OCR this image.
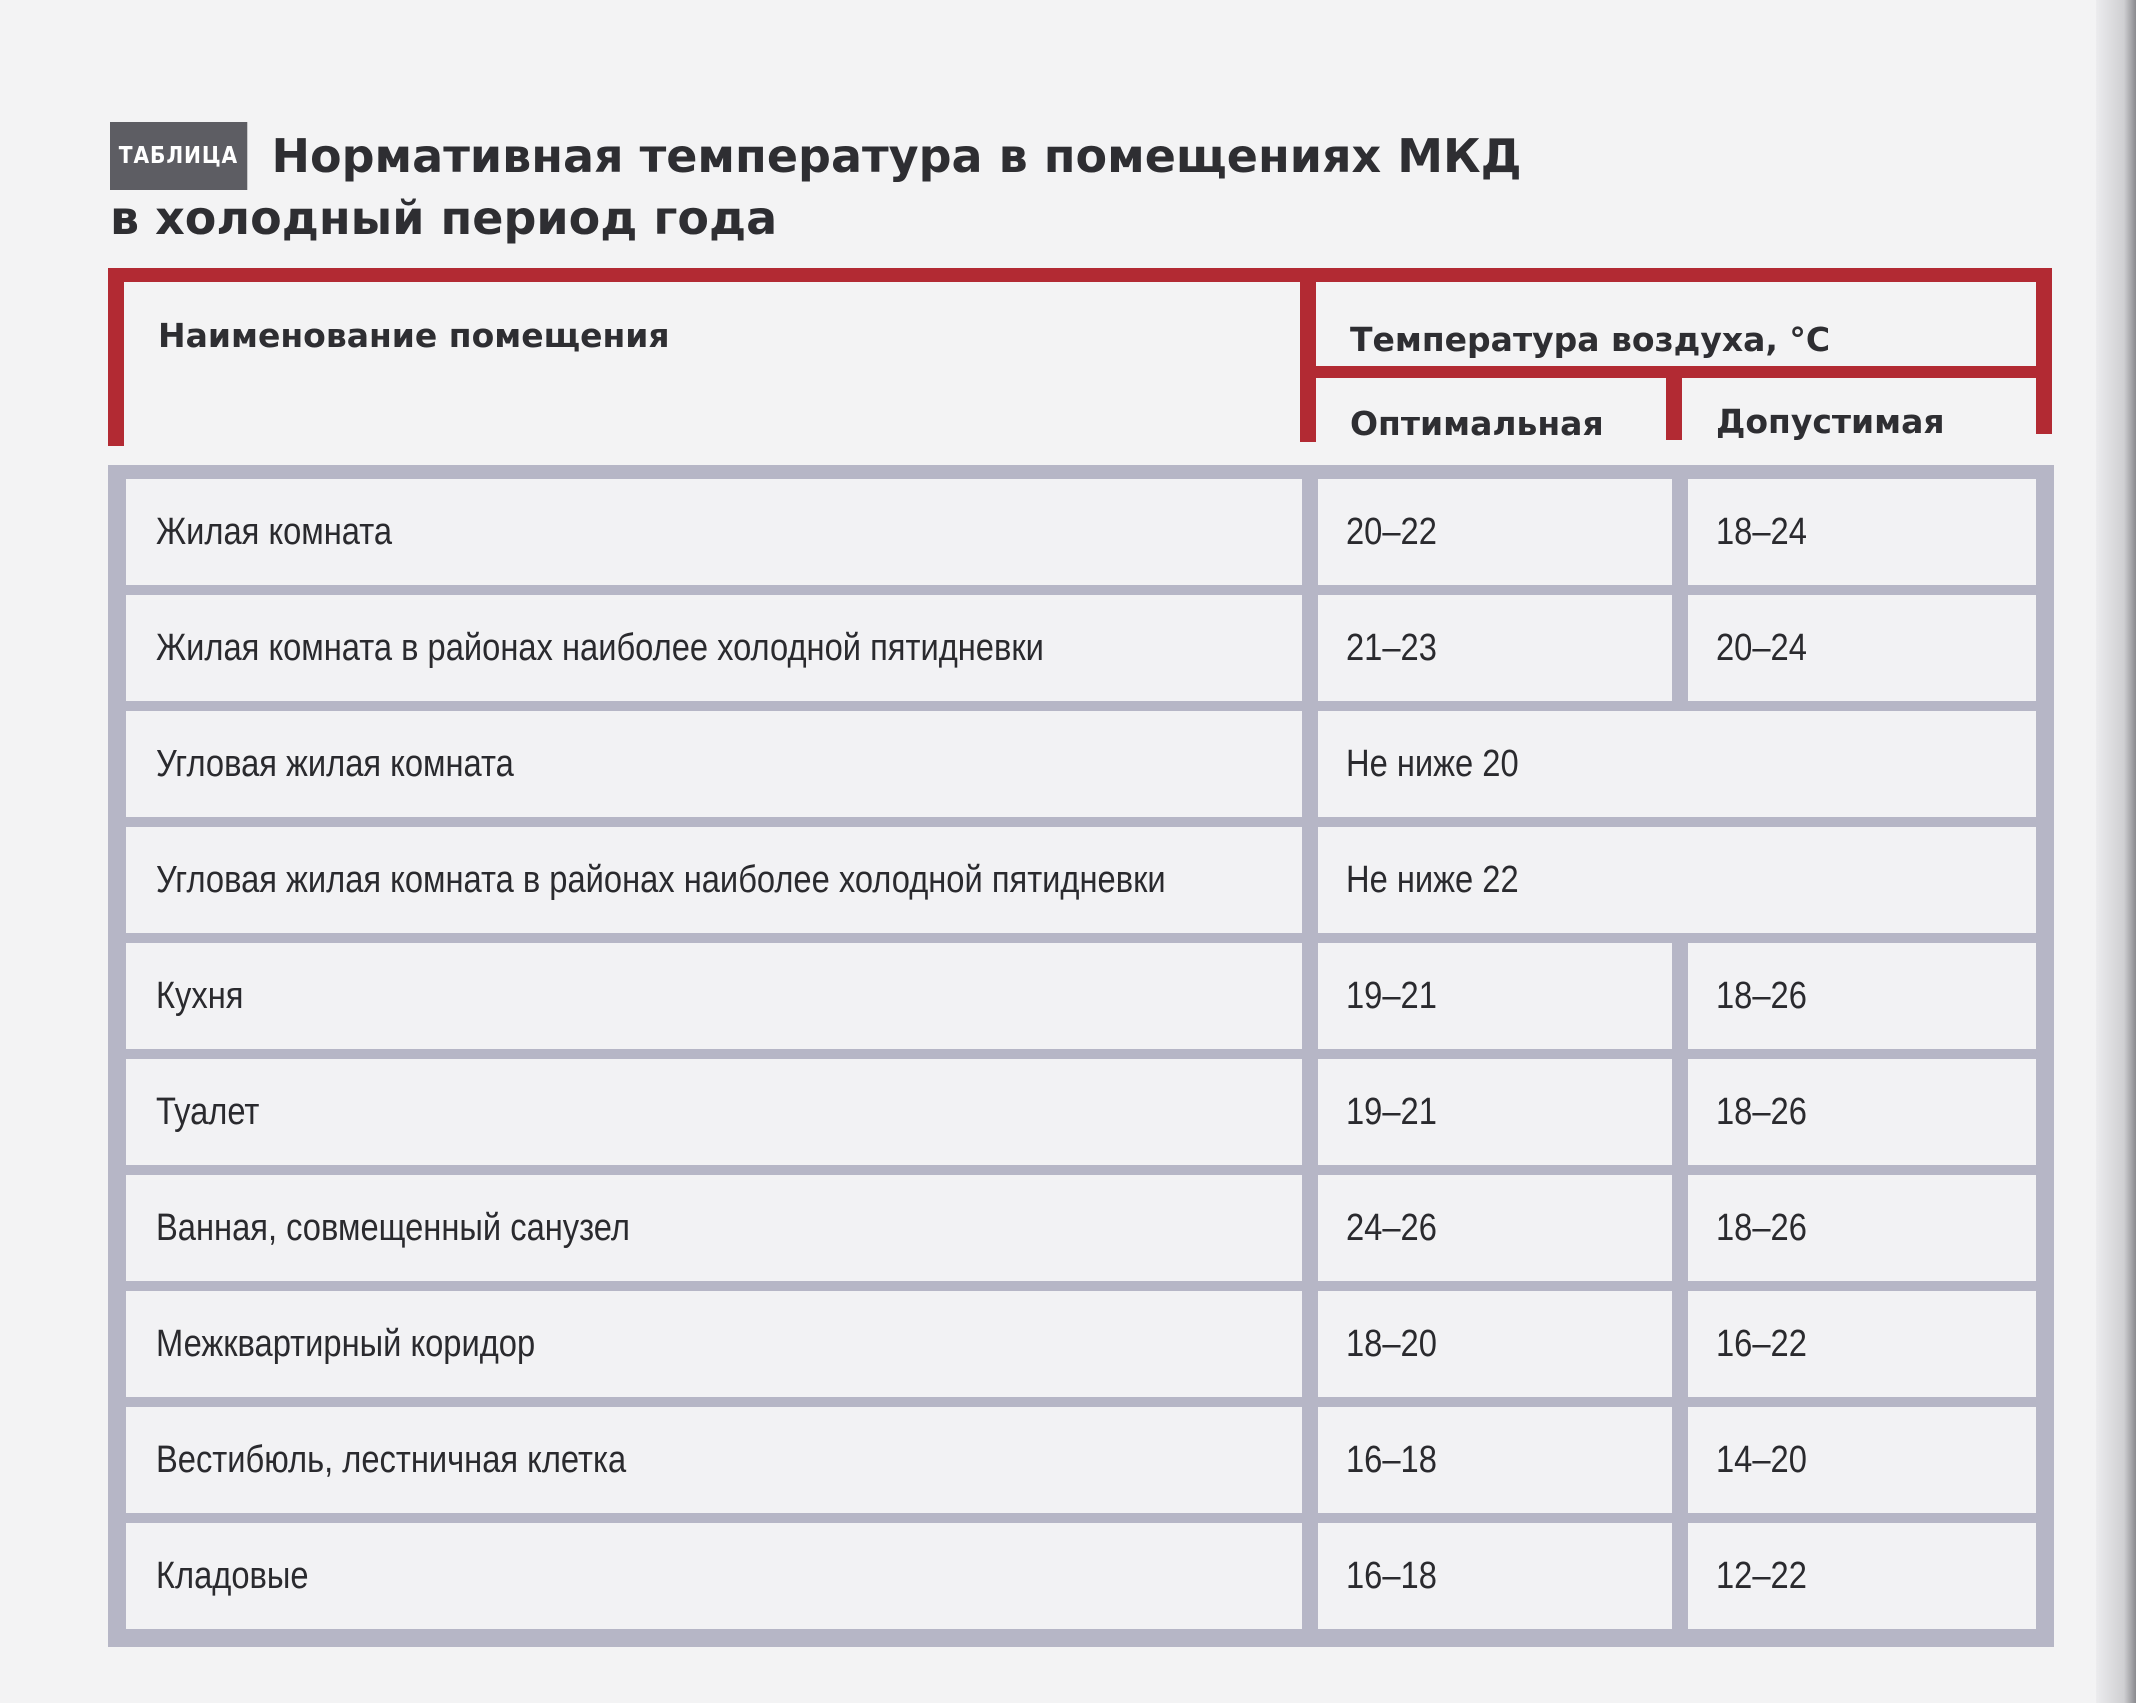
ТАБЛИЦА Нормативная температура в помещениях МКД
в холодный период года
Наименование помещения	Температура воздуха, °С
Оптимальная	Допустимая
Жилая комната	20–22	18–24
Жилая комната в районах наиболее холодной пятидневки	21–23	20–24
Угловая жилая комната	Не ниже 20
Угловая жилая комната в районах наиболее холодной пятидневки	Не ниже 22
Кухня	19–21	18–26
Туалет	19–21	18–26
Ванная, совмещенный санузел	24–26	18–26
Межквартирный коридор	18–20	16–22
Вестибюль, лестничная клетка	16–18	14–20
Кладовые	16–18	12–22
